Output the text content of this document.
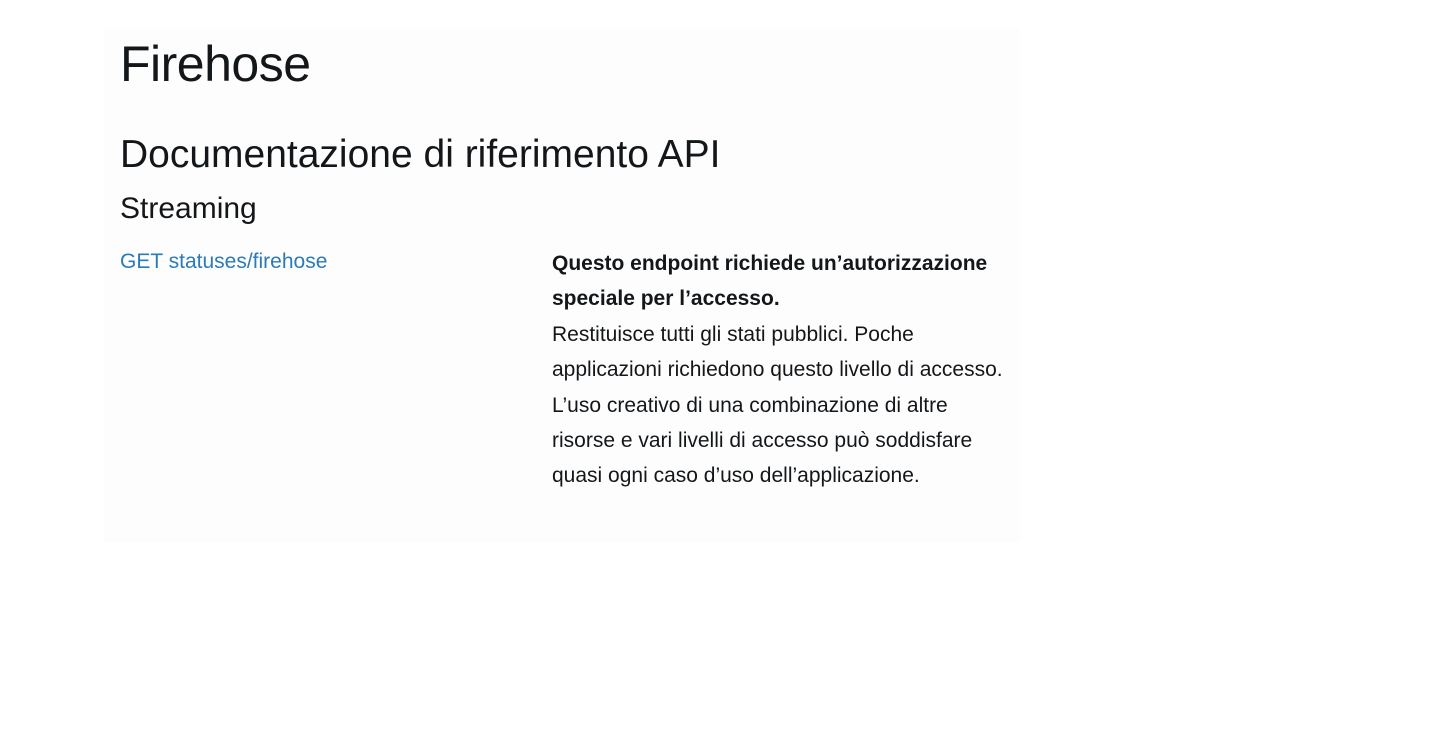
Firehose
Documentazione di riferimento API
Streaming
GET statuses/firehose	Questo endpoint richiede un’autorizzazione speciale per l’accesso.
Restituisce tutti gli stati pubblici. Poche applicazioni richiedono questo livello di accesso. L’uso creativo di una combinazione di altre risorse e vari livelli di accesso può soddisfare quasi ogni caso d’uso dell’applicazione.
